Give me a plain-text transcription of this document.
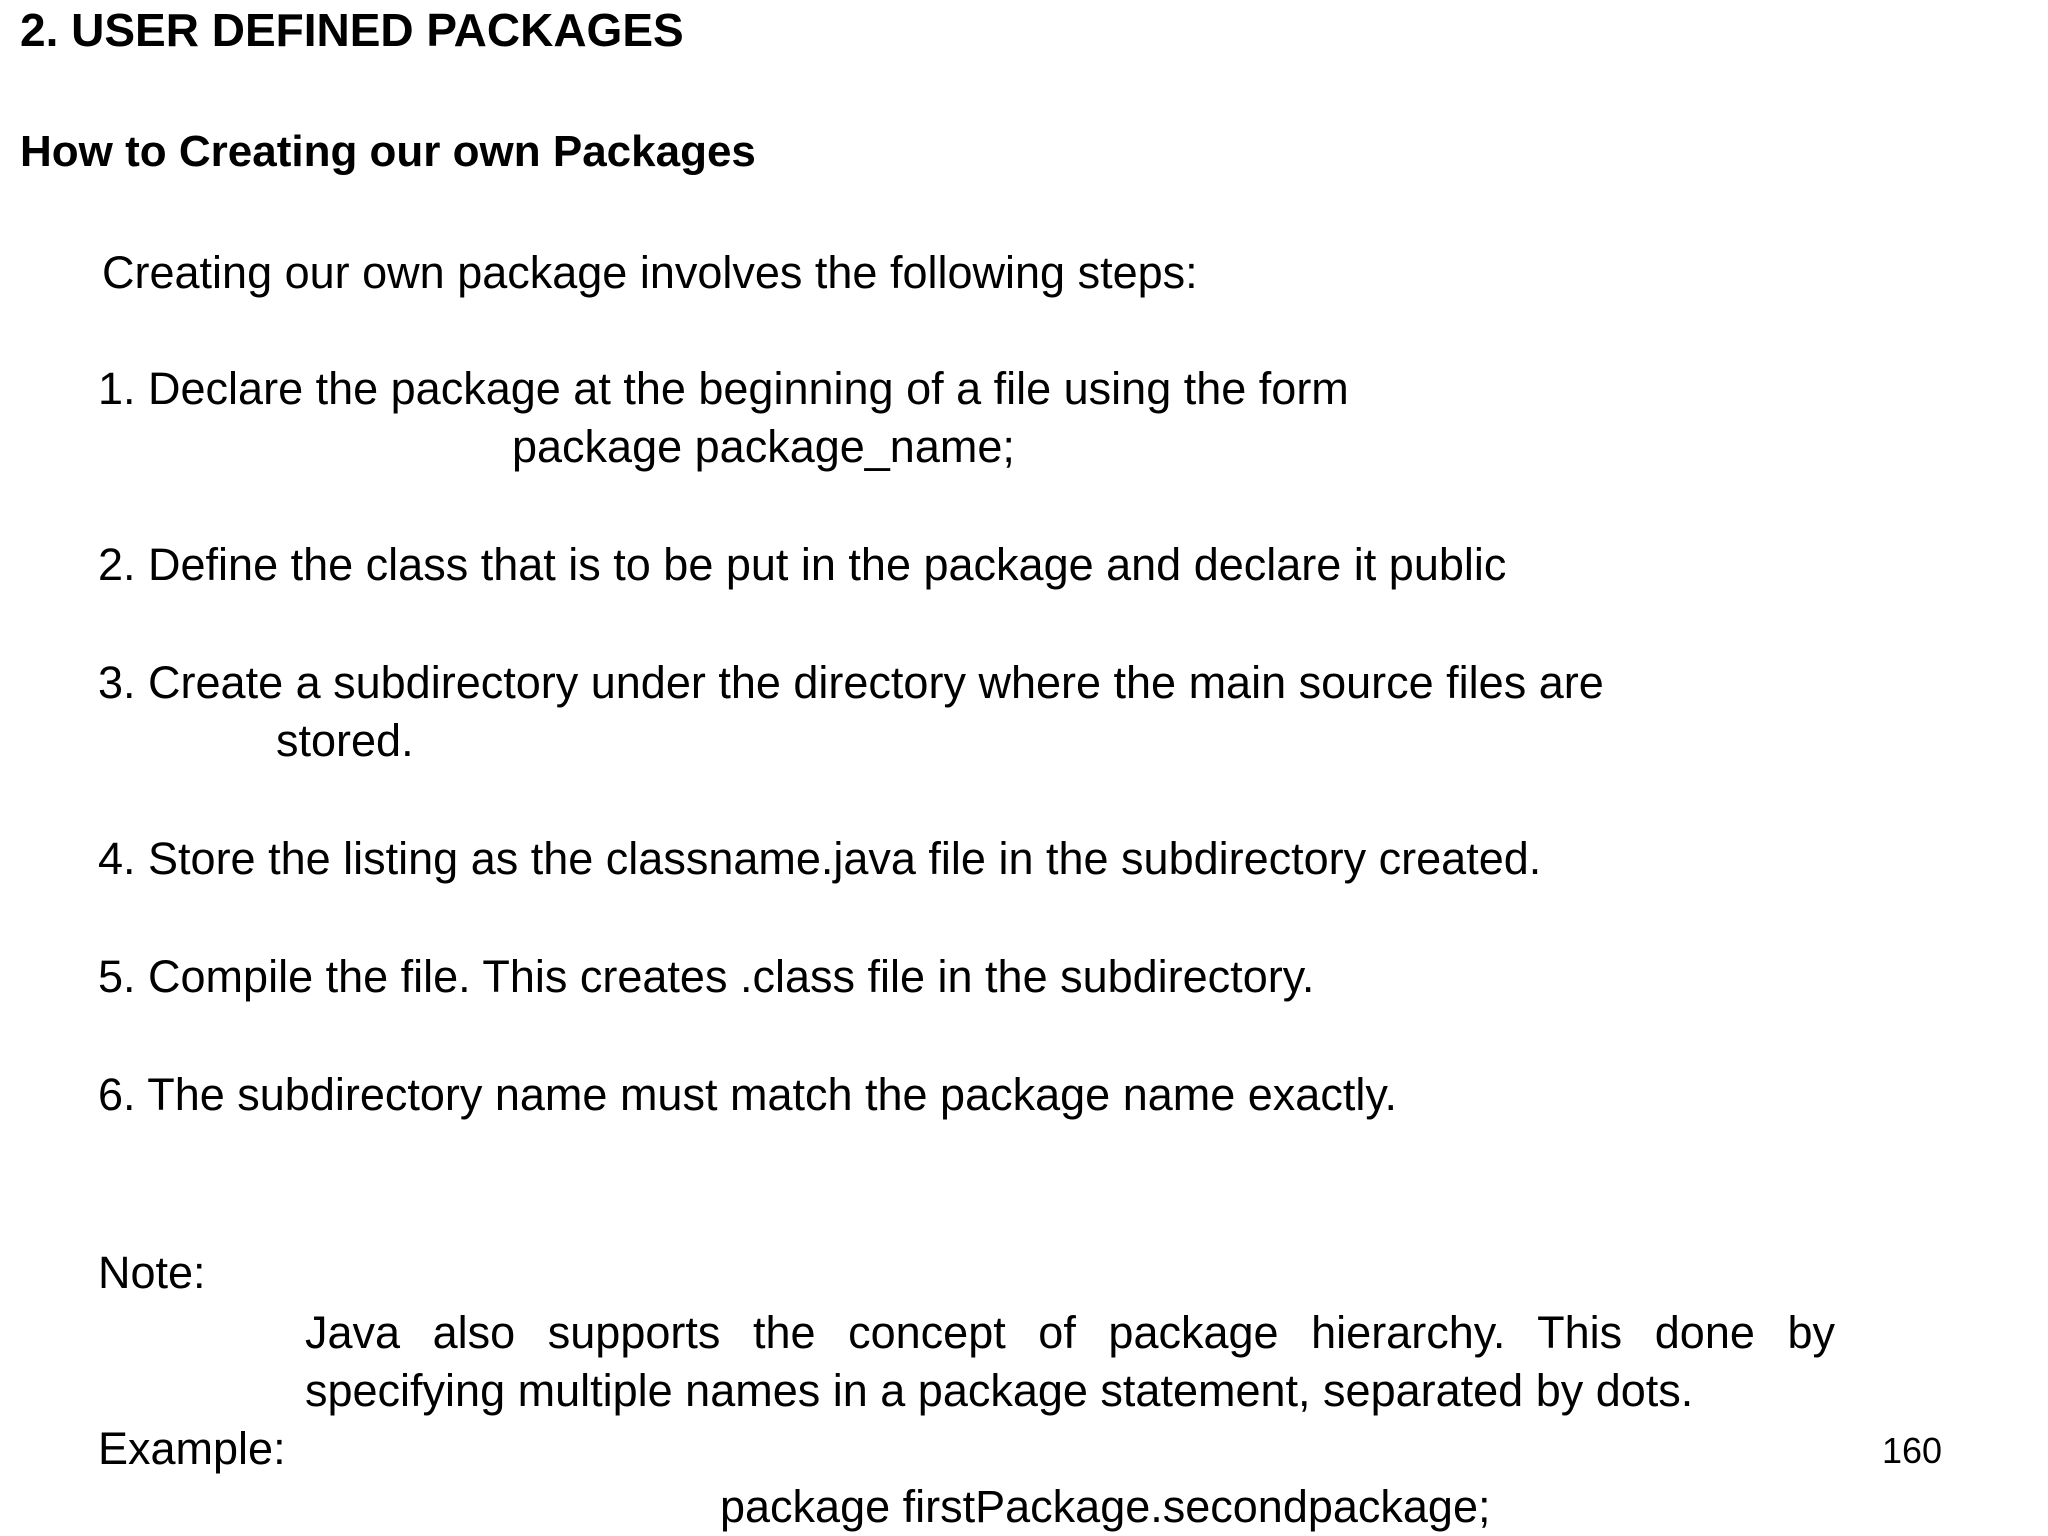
2. USER DEFINED PACKAGES
How to Creating our own Packages
Creating our own package involves the following steps:
1. Declare the package at the beginning of a file using the form
package package_name;
2. Define the class that is to be put in the package and declare it public
3. Create a subdirectory under the directory where the main source files are
stored.
4. Store the listing as the classname.java file in the subdirectory created.
5. Compile the file. This creates .class file in the subdirectory.
6. The subdirectory name must match the package name exactly.
Note:
Java also supports the concept of package hierarchy. This done by
specifying multiple names in a package statement, separated by dots.
Example:	160
package firstPackage.secondpackage;
